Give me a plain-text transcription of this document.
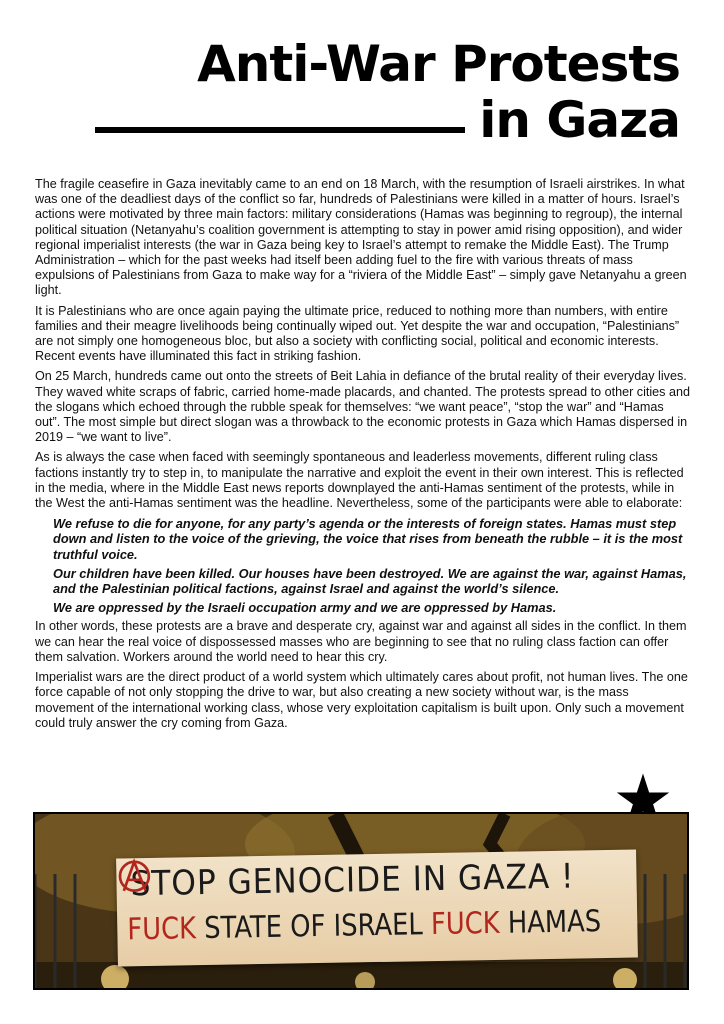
Anti-War Protests
in Gaza

The fragile ceasefire in Gaza inevitably came to an end on 18 March, with the resumption of Israeli airstrikes. In what was one of the deadliest days of the conflict so far, hundreds of Palestinians were killed in a matter of hours. Israel’s actions were motivated by three main factors: military considerations (Hamas was beginning to regroup), the internal political situation (Netanyahu’s coalition government is attempting to stay in power amid rising opposition), and wider regional imperialist interests (the war in Gaza being key to Israel’s attempt to remake the Middle East). The Trump Administration – which for the past weeks had itself been adding fuel to the fire with various threats of mass expulsions of Palestinians from Gaza to make way for a “riviera of the Middle East” – simply gave Netanyahu a green light.

It is Palestinians who are once again paying the ultimate price, reduced to nothing more than numbers, with entire families and their meagre livelihoods being continually wiped out. Yet despite the war and occupation, “Palestinians” are not simply one homogeneous bloc, but also a society with conflicting social, political and economic interests. Recent events have illuminated this fact in striking fashion.

On 25 March, hundreds came out onto the streets of Beit Lahia in defiance of the brutal reality of their everyday lives. They waved white scraps of fabric, carried home-made placards, and chanted. The protests spread to other cities and the slogans which echoed through the rubble speak for themselves: “we want peace”, “stop the war” and “Hamas out”. The most simple but direct slogan was a throwback to the economic protests in Gaza which Hamas dispersed in 2019 – “we want to live”.

As is always the case when faced with seemingly spontaneous and leaderless movements, different ruling class factions instantly try to step in, to manipulate the narrative and exploit the event in their own interest. This is reflected in the media, where in the Middle East news reports downplayed the anti-Hamas sentiment of the protests, while in the West the anti-Hamas sentiment was the headline. Nevertheless, some of the participants were able to elaborate:

We refuse to die for anyone, for any party’s agenda or the interests of foreign states. Hamas must step down and listen to the voice of the grieving, the voice that rises from beneath the rubble – it is the most truthful voice.

Our children have been killed. Our houses have been destroyed. We are against the war, against Hamas, and the Palestinian political factions, against Israel and against the world’s silence.

We are oppressed by the Israeli occupation army and we are oppressed by Hamas.

In other words, these protests are a brave and desperate cry, against war and against all sides in the conflict. In them we can hear the real voice of dispossessed masses who are beginning to see that no ruling class faction can offer them salvation. Workers around the world need to hear this cry.

Imperialist wars are the direct product of a world system which ultimately cares about profit, not human lives. The one force capable of not only stopping the drive to war, but also creating a new society without war, is the mass movement of the international working class, whose very exploitation capitalism is built upon. Only such a movement could truly answer the cry coming from Gaza.

STOP GENOCIDE IN GAZA !
FUCK STATE OF ISRAEL FUCK HAMAS
